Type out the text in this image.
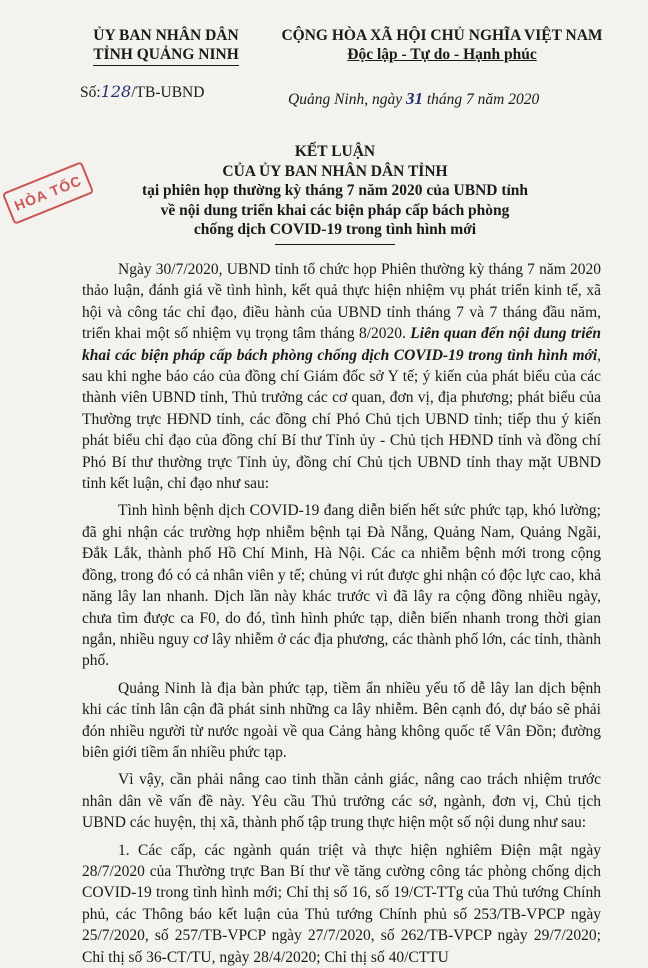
ỦY BAN NHÂN DÂN
TỈNH QUẢNG NINH
CỘNG HÒA XÃ HỘI CHỦ NGHĨA VIỆT NAM
Độc lập - Tự do - Hạnh phúc
Số:128/TB-UBND	Quảng Ninh, ngày 31 tháng 7 năm 2020
HỎA TỐC
KẾT LUẬN
CỦA ỦY BAN NHÂN DÂN TỈNH
tại phiên họp thường kỳ tháng 7 năm 2020 của UBND tỉnh
về nội dung triển khai các biện pháp cấp bách phòng
chống dịch COVID-19 trong tình hình mới

Ngày 30/7/2020, UBND tỉnh tổ chức họp Phiên thường kỳ tháng 7 năm 2020 thảo luận, đánh giá về tình hình, kết quả thực hiện nhiệm vụ phát triển kinh tế, xã hội và công tác chỉ đạo, điều hành của UBND tỉnh tháng 7 và 7 tháng đầu năm, triển khai một số nhiệm vụ trọng tâm tháng 8/2020. Liên quan đến nội dung triển khai các biện pháp cấp bách phòng chống dịch COVID-19 trong tình hình mới, sau khi nghe báo cáo của đồng chí Giám đốc sở Y tế; ý kiến của phát biểu của các thành viên UBND tỉnh, Thủ trưởng các cơ quan, đơn vị, địa phương; phát biểu của Thường trực HĐND tỉnh, các đồng chí Phó Chủ tịch UBND tỉnh; tiếp thu ý kiến phát biểu chỉ đạo của đồng chí Bí thư Tỉnh ủy - Chủ tịch HĐND tỉnh và đồng chí Phó Bí thư thường trực Tỉnh ủy, đồng chí Chủ tịch UBND tỉnh thay mặt UBND tỉnh kết luận, chỉ đạo như sau:

Tình hình bệnh dịch COVID-19 đang diễn biến hết sức phức tạp, khó lường; đã ghi nhận các trường hợp nhiễm bệnh tại Đà Nẵng, Quảng Nam, Quảng Ngãi, Đắk Lắk, thành phố Hồ Chí Minh, Hà Nội. Các ca nhiễm bệnh mới trong cộng đồng, trong đó có cả nhân viên y tế; chủng vi rút được ghi nhận có độc lực cao, khả năng lây lan nhanh. Dịch lần này khác trước vì đã lây ra cộng đồng nhiều ngày, chưa tìm được ca F0, do đó, tình hình phức tạp, diễn biến nhanh trong thời gian ngắn, nhiều nguy cơ lây nhiễm ở các địa phương, các thành phố lớn, các tỉnh, thành phố.

Quảng Ninh là địa bàn phức tạp, tiềm ẩn nhiều yếu tố dễ lây lan dịch bệnh khi các tỉnh lân cận đã phát sinh những ca lây nhiễm. Bên cạnh đó, dự báo sẽ phải đón nhiều người từ nước ngoài về qua Cảng hàng không quốc tế Vân Đồn; đường biên giới tiềm ẩn nhiều phức tạp.

Vì vậy, cần phải nâng cao tinh thần cảnh giác, nâng cao trách nhiệm trước nhân dân về vấn đề này. Yêu cầu Thủ trưởng các sở, ngành, đơn vị, Chủ tịch UBND các huyện, thị xã, thành phố tập trung thực hiện một số nội dung như sau:

1. Các cấp, các ngành quán triệt và thực hiện nghiêm Điện mật ngày 28/7/2020 của Thường trực Ban Bí thư về tăng cường công tác phòng chống dịch COVID-19 trong tình hình mới; Chỉ thị số 16, số 19/CT-TTg của Thủ tướng Chính phủ, các Thông báo kết luận của Thủ tướng Chính phủ số 253/TB-VPCP ngày 25/7/2020, số 257/TB-VPCP ngày 27/7/2020, số 262/TB-VPCP ngày 29/7/2020; Chỉ thị số 36-CT/TU, ngày 28/4/2020; Chỉ thị số 40/CTTU
